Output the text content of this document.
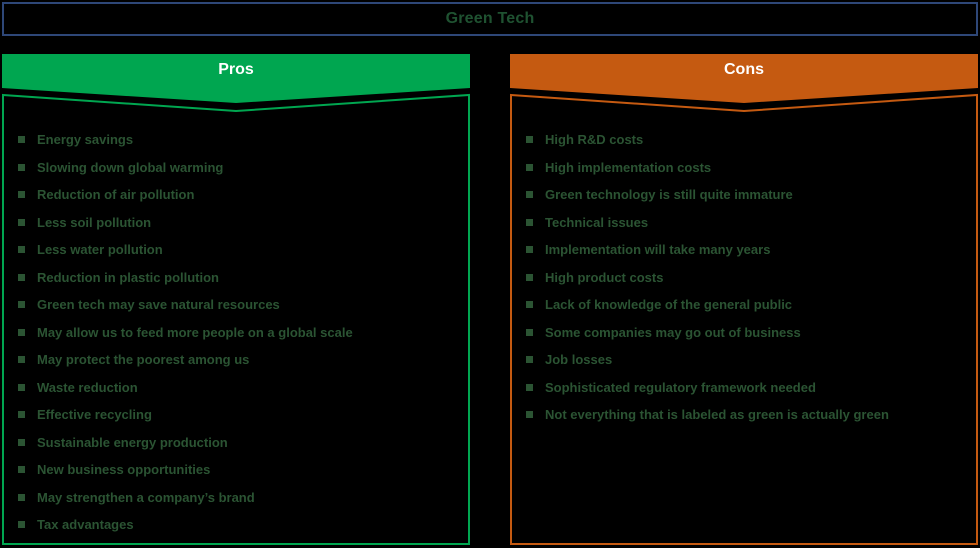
Green Tech
Pros
Energy savings
Slowing down global warming
Reduction of air pollution
Less soil pollution
Less water pollution
Reduction in plastic pollution
Green tech may save natural resources
May allow us to feed more people on a global scale
May protect the poorest among us
Waste reduction
Effective recycling
Sustainable energy production
New business opportunities
May strengthen a company’s brand
Tax advantages
Cons
High R&D costs
High implementation costs
Green technology is still quite immature
Technical issues
Implementation will take many years
High product costs
Lack of knowledge of the general public
Some companies may go out of business
Job losses
Sophisticated regulatory framework needed
Not everything that is labeled as green is actually green
